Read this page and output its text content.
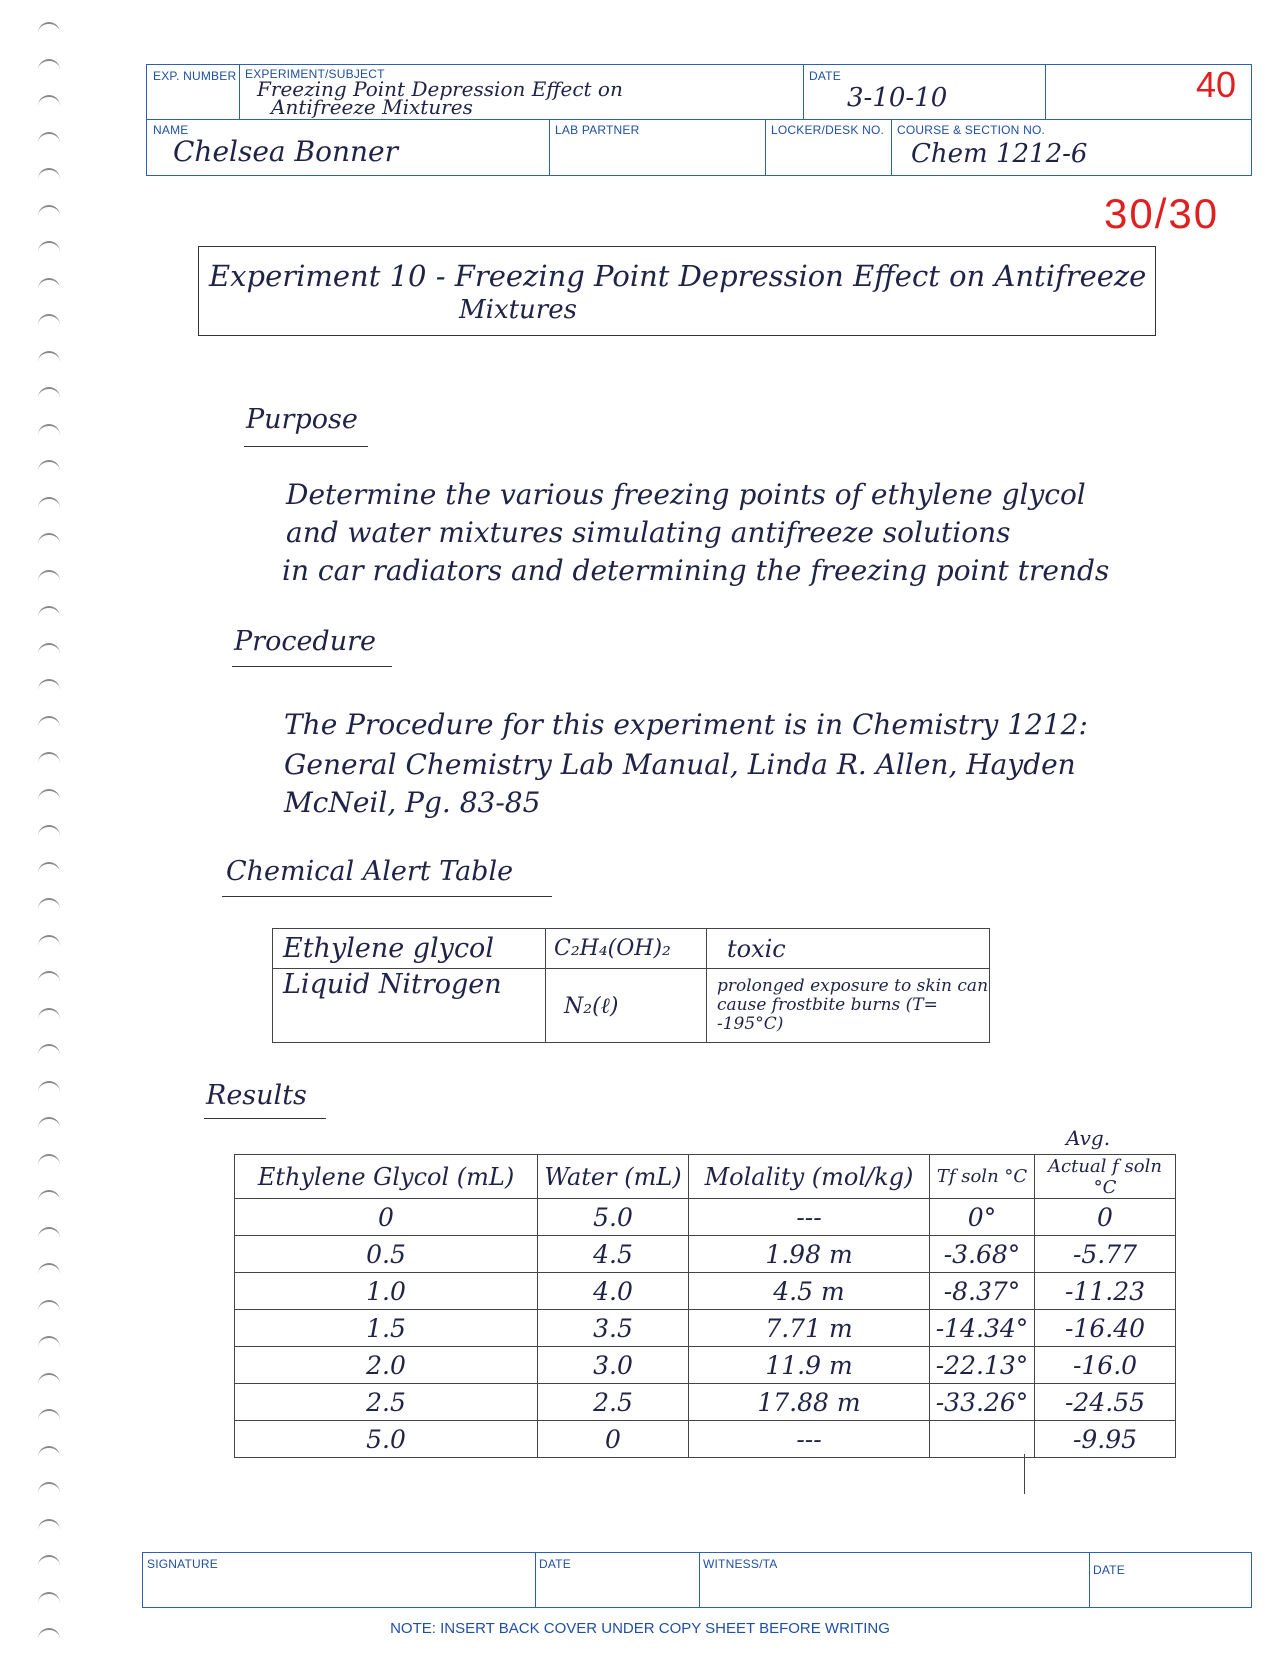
EXP. NUMBER EXPERIMENT/SUBJECT
Freezing Point Depression Effect on
Antifreeze Mixtures
DATE
3-10-10
NAME
Chelsea Bonner
LAB PARTNER	LOCKER/DESK NO. COURSE & SECTION NO.
Chem 1212-6
40
30/30
Experiment 10 - Freezing Point Depression Effect on Antifreeze
Mixtures
Purpose
Determine the various freezing points of ethylene glycol
and water mixtures simulating antifreeze solutions
in car radiators and determining the freezing point trends
Procedure
The Procedure for this experiment is in Chemistry 1212:
General Chemistry Lab Manual, Linda R. Allen, Hayden
McNeil, Pg. 83-85
Chemical Alert Table
Ethylene glycol	C₂H₄(OH)₂	toxic
Liquid Nitrogen	N₂(ℓ)	prolonged exposure to skin can cause frostbite burns (T= -195°C)
Results
Avg.
Ethylene Glycol (mL)	Water (mL)	Molality (mol/kg)	Tf soln °C	Actual f soln °C
0	5.0	---	0°	0
0.5	4.5	1.98 m	-3.68°	-5.77
1.0	4.0	4.5 m	-8.37°	-11.23
1.5	3.5	7.71 m	-14.34°	-16.40
2.0	3.0	11.9 m	-22.13°	-16.0
2.5	2.5	17.88 m	-33.26°	-24.55
5.0	0	---		-9.95
SIGNATURE	DATE	WITNESS/TA	DATE
NOTE: INSERT BACK COVER UNDER COPY SHEET BEFORE WRITING
